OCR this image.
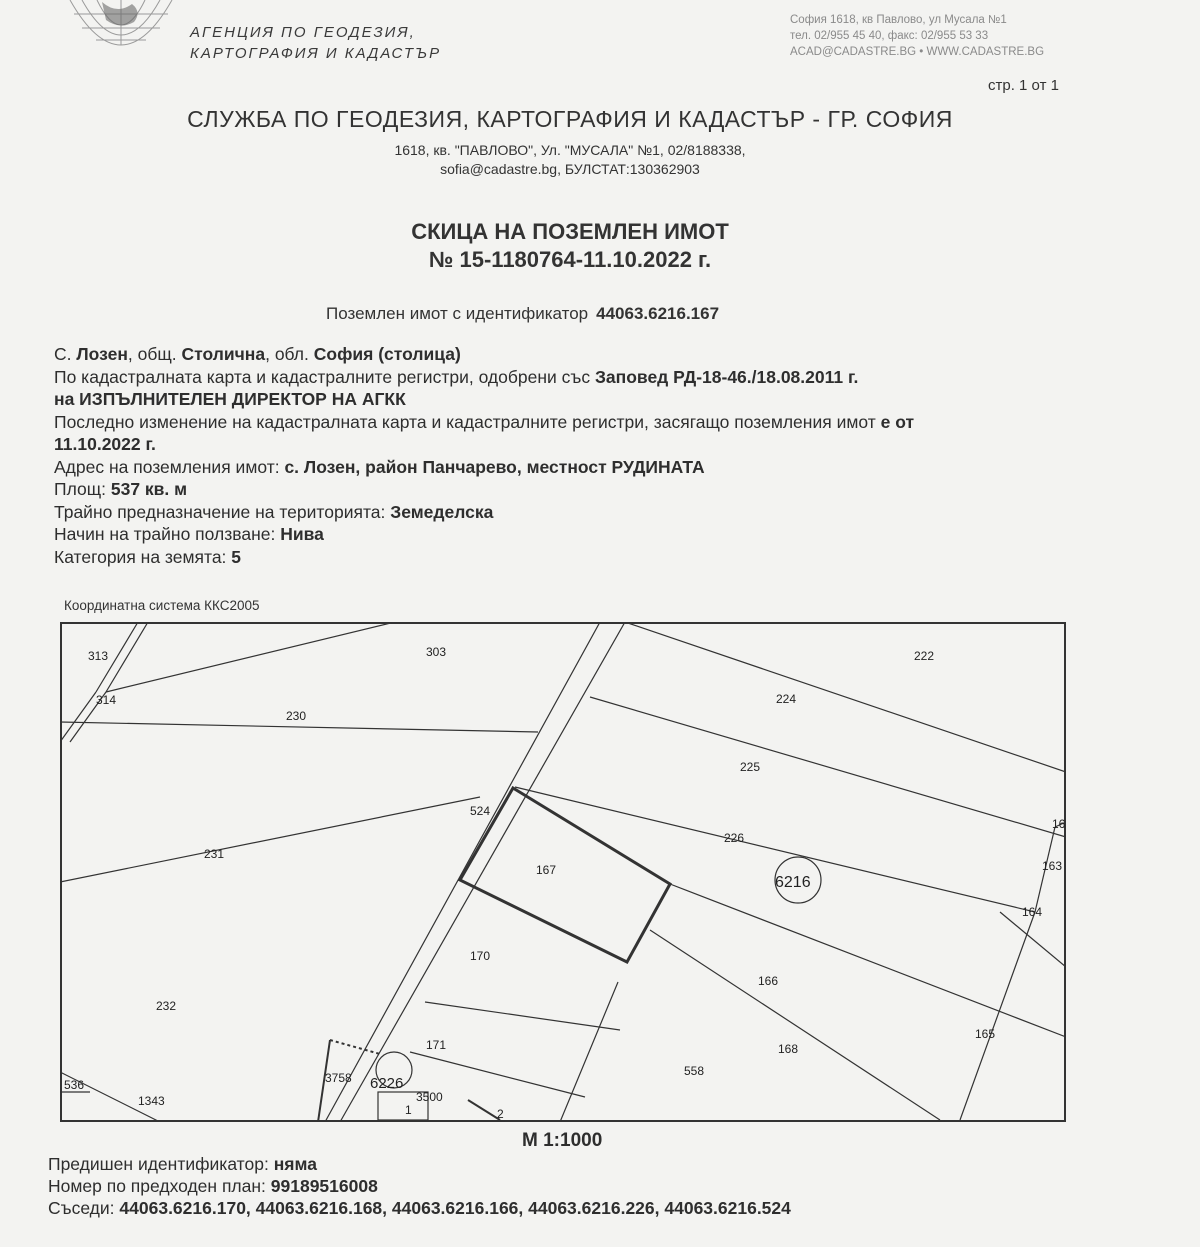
АГЕНЦИЯ ПО ГЕОДЕЗИЯ,
КАРТОГРАФИЯ И КАДАСТЪР
София 1618, кв Павлово, ул Мусала №1
тел. 02/955 45 40, факс: 02/955 53 33
ACAD@CADASTRE.BG • WWW.CADASTRE.BG
стр. 1 от 1
СЛУЖБА ПО ГЕОДЕЗИЯ, КАРТОГРАФИЯ И КАДАСТЪР - ГР. СОФИЯ
1618, кв. "ПАВЛОВО", Ул. "МУСАЛА" №1, 02/8188338,
sofia@cadastre.bg, БУЛСТАТ:130362903
СКИЦА НА ПОЗЕМЛЕН ИМОТ
№ 15-1180764-11.10.2022 г.
Поземлен имот с идентификатор 44063.6216.167
С. Лозен, общ. Столична, обл. София (столица)
По кадастралната карта и кадастралните регистри, одобрени със Заповед РД-18-46./18.08.2011 г.
на ИЗПЪЛНИТЕЛЕН ДИРЕКТОР НА АГКК
Последно изменение на кадастралната карта и кадастралните регистри, засягащо поземления имот е от
11.10.2022 г.
Адрес на поземления имот: с. Лозен, район Панчарево, местност РУДИНАТА
Площ: 537 кв. м
Трайно предназначение на територията: Земеделска
Начин на трайно ползване: Нива
Категория на земята: 5
Координатна система ККС2005
313	303	222
314
230
224
225
524
226
16
231
167	163
164
170
166
232
165
171	168
3758	558
536
1343	3500
1	2
6216
6226
М 1:1000
Предишен идентификатор: няма
Номер по предходен план: 99189516008
Съседи: 44063.6216.170, 44063.6216.168, 44063.6216.166, 44063.6216.226, 44063.6216.524
